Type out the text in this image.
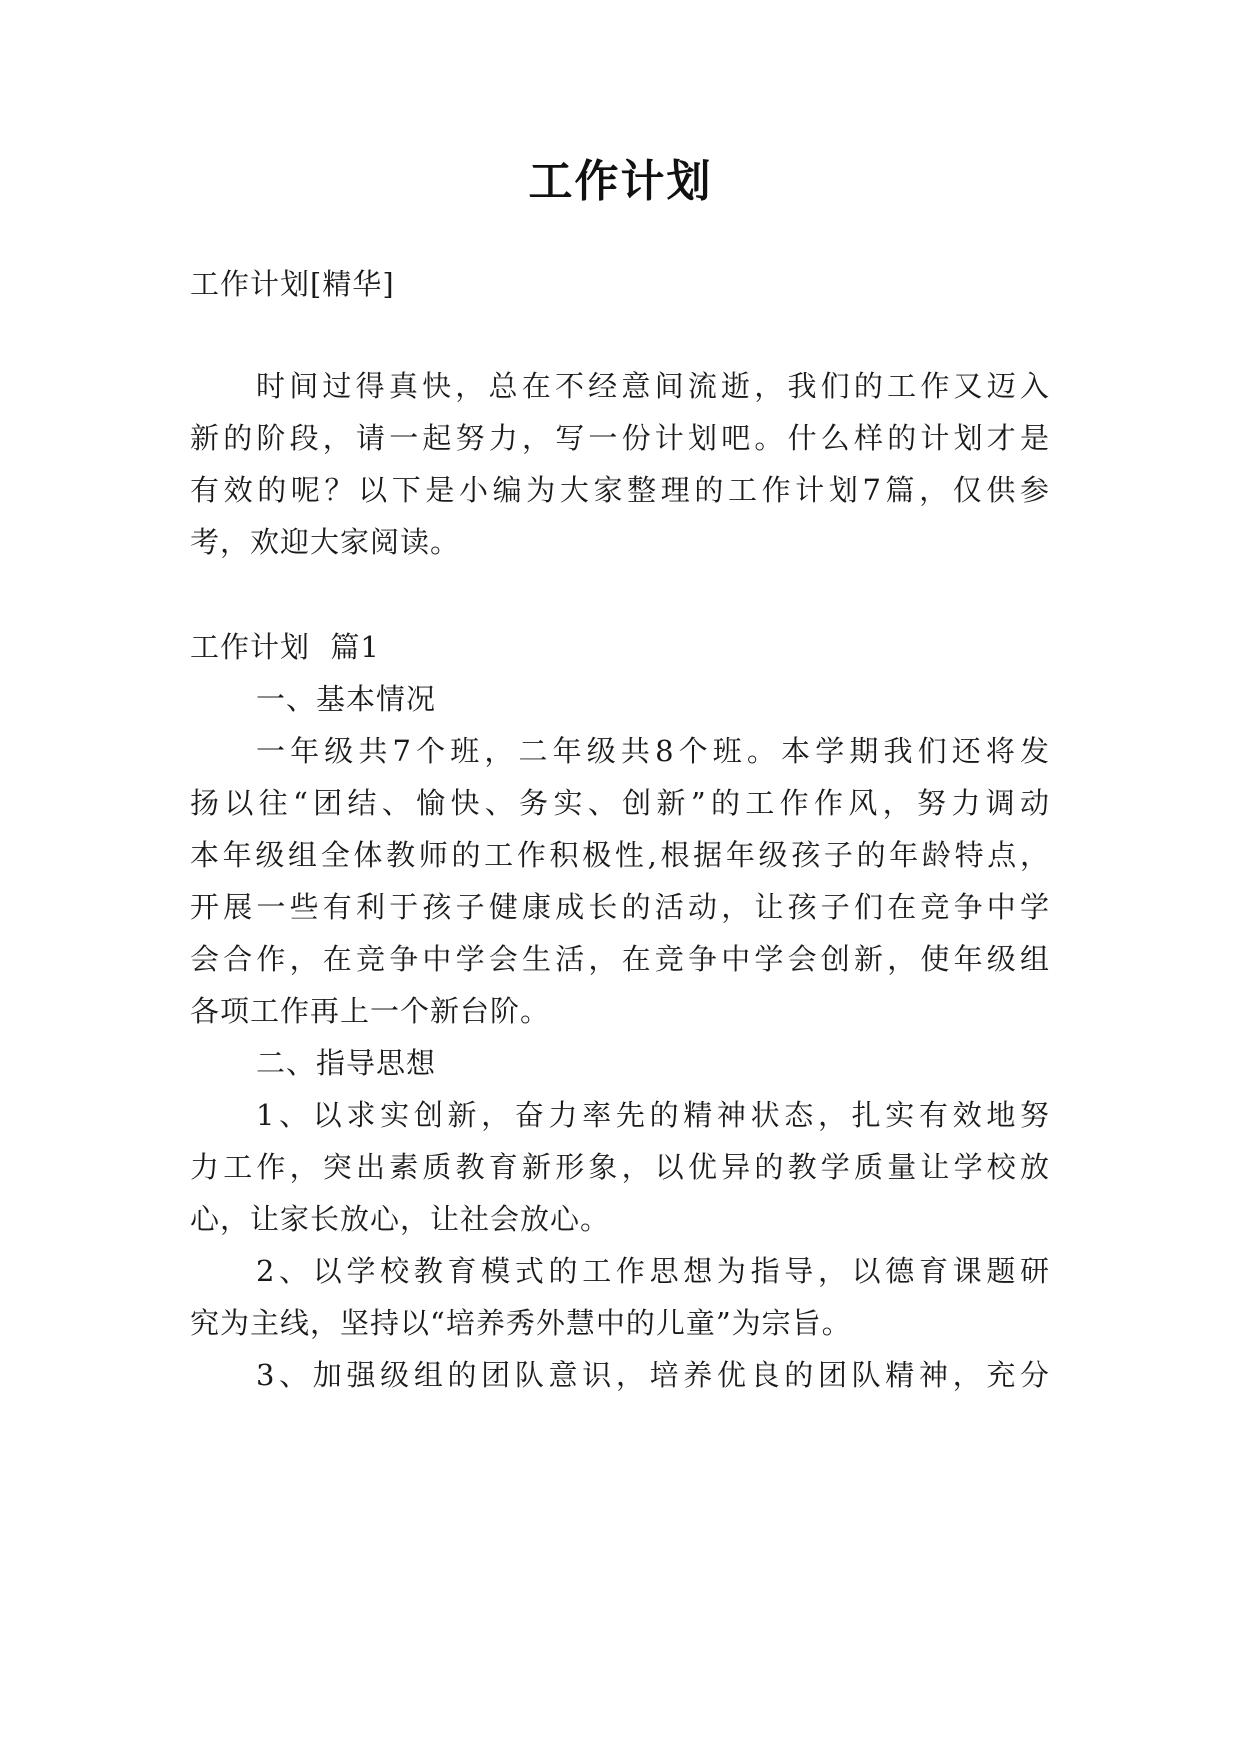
工作计划
工作计划[精华]
时间过得真快，总在不经意间流逝，我们的工作又迈入
新的阶段，请一起努力，写一份计划吧。什么样的计划才是
有效的呢？以下是小编为大家整理的工作计划7篇，仅供参
考，欢迎大家阅读。
工作计划  篇1
一、基本情况
一年级共7个班，二年级共8个班。本学期我们还将发
扬以往“团结、愉快、务实、创新”的工作作风，努力调动
本年级组全体教师的工作积极性,根据年级孩子的年龄特点，
开展一些有利于孩子健康成长的活动，让孩子们在竞争中学
会合作，在竞争中学会生活，在竞争中学会创新，使年级组
各项工作再上一个新台阶。
二、指导思想
1、以求实创新，奋力率先的精神状态，扎实有效地努
力工作，突出素质教育新形象，以优异的教学质量让学校放
心，让家长放心，让社会放心。
2、以学校教育模式的工作思想为指导，以德育课题研
究为主线，坚持以“培养秀外慧中的儿童”为宗旨。
3、加强级组的团队意识，培养优良的团队精神，充分
